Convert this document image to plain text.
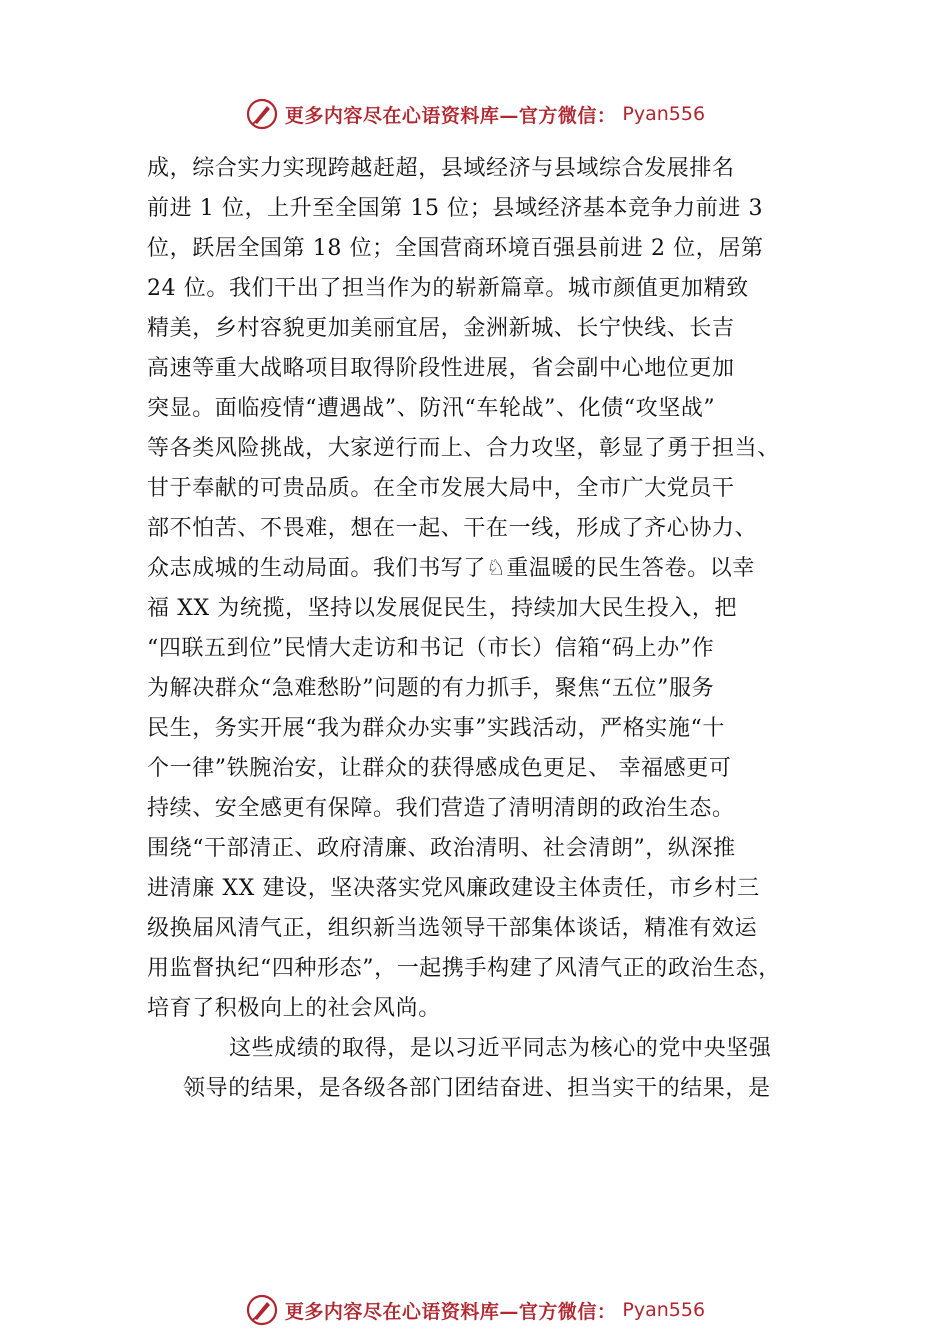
更多内容尽在心语资料库—官方微信： Pyan556
成，综合实力实现跨越赶超，县域经济与县域综合发展排名
前进 1 位，上升至全国第 15 位；县域经济基本竞争力前进 3
位，跃居全国第 18 位；全国营商环境百强县前进 2 位，居第
24 位。我们干出了担当作为的崭新篇章。城市颜值更加精致
精美，乡村容貌更加美丽宜居，金洲新城、长宁快线、长吉
高速等重大战略项目取得阶段性进展，省会副中心地位更加
突显。面临疫情“遭遇战”、防汛“车轮战”、化债“攻坚战”
等各类风险挑战，大家逆行而上、合力攻坚，彰显了勇于担当、
甘于奉献的可贵品质。在全市发展大局中，全市广大党员干
部不怕苦、不畏难，想在一起、干在一线，形成了齐心协力、
众志成城的生动局面。我们书写了♘重温暖的民生答卷。以幸
福 XX 为统揽，坚持以发展促民生，持续加大民生投入，把
“四联五到位”民情大走访和书记（市长）信箱“码上办”作
为解决群众“急难愁盼”问题的有力抓手，聚焦“五位”服务
民生，务实开展“我为群众办实事”实践活动，严格实施“十
个一律”铁腕治安，让群众的获得感成色更足、 幸福感更可
持续、安全感更有保障。我们营造了清明清朗的政治生态。
围绕“干部清正、政府清廉、政治清明、社会清朗”，纵深推
进清廉 XX 建设，坚决落实党风廉政建设主体责任，市乡村三
级换届风清气正，组织新当选领导干部集体谈话，精准有效运
用监督执纪“四种形态”，一起携手构建了风清气正的政治生态，
培育了积极向上的社会风尚。
这些成绩的取得，是以习近平同志为核心的党中央坚强
领导的结果，是各级各部门团结奋进、担当实干的结果，是
更多内容尽在心语资料库—官方微信： Pyan556
